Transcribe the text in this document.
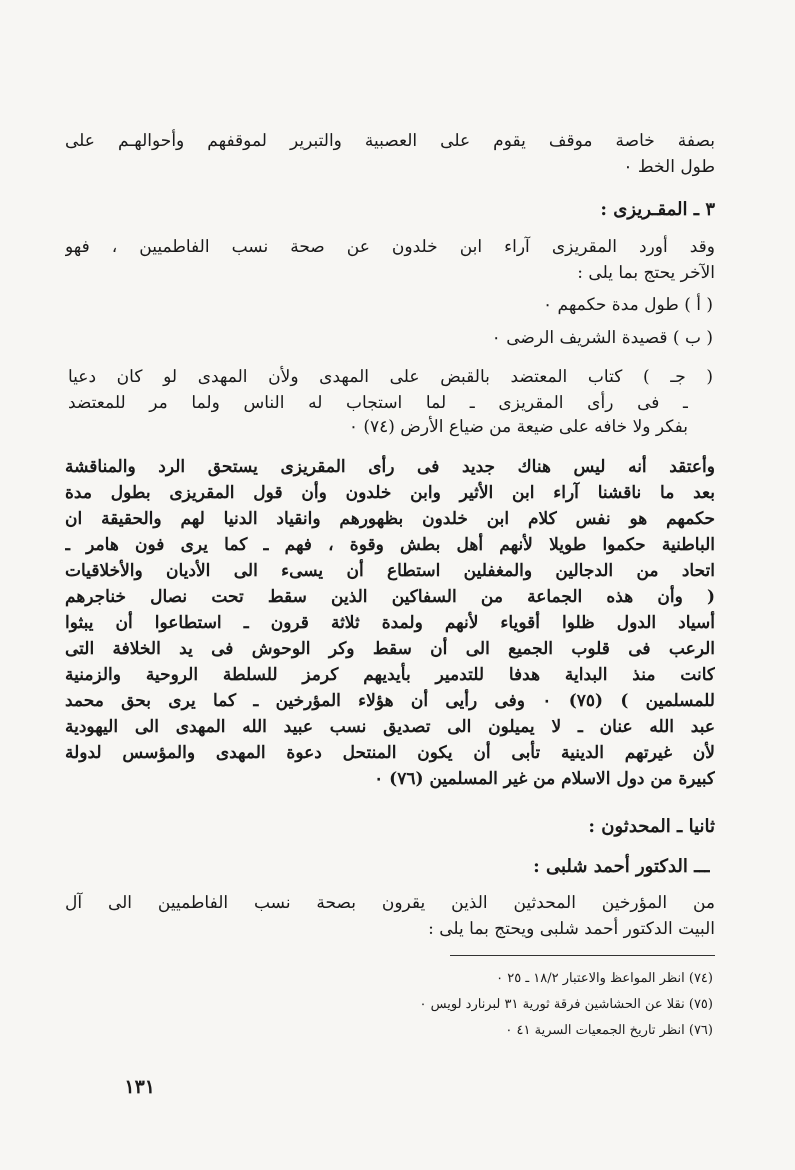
بصفة خاصة موقف يقوم على العصبية والتبرير لموقفهم وأحوالهـم على
طول الخط ٠
٣ ـ المقـريزى :
وقد أورد المقريزى آراء ابن خلدون عن صحة نسب الفاطميين ، فهو
الآخر يحتج بما يلى :
( أ ) طول مدة حكمهم ٠
( ب ) قصيدة الشريف الرضى ٠
( جـ ) كتاب المعتضد بالقبض على المهدى ولأن المهدى لو كان دعيا
ـ فى رأى المقريزى ـ لما استجاب له الناس ولما مر للمعتضد
بفكر ولا خافه على ضيعة من ضياع الأرض (٧٤) ٠
وأعتقد أنه ليس هناك جديد فى رأى المقريزى يستحق الرد والمناقشة
بعد ما ناقشنا آراء ابن الأثير وابن خلدون وأن قول المقريزى بطول مدة
حكمهم هو نفس كلام ابن خلدون بظهورهم وانقياد الدنيا لهم والحقيقة ان
الباطنية حكموا طويلا لأنهم أهل بطش وقوة ، فهم ـ كما يرى فون هامر ـ
اتحاد من الدجالين والمغفلين استطاع أن يسىء الى الأديان والأخلاقيات
( وأن هذه الجماعة من السفاكين الذين سقط تحت نصال خناجرهم
أسياد الدول ظلوا أقوياء لأنهم ولمدة ثلاثة قرون ـ استطاعوا أن يبثوا
الرعب فى قلوب الجميع الى أن سقط وكر الوحوش فى يد الخلافة التى
كانت منذ البداية هدفا للتدمير بأيديهم كرمز للسلطة الروحية والزمنية
للمسلمين ) (٧٥) ٠ وفى رأيى أن هؤلاء المؤرخين ـ كما يرى بحق محمد
عبد الله عنان ـ لا يميلون الى تصديق نسب عبيد الله المهدى الى اليهودية
لأن غيرتهم الدينية تأبى أن يكون المنتحل دعوة المهدى والمؤسس لدولة
كبيرة من دول الاسلام من غير المسلمين (٧٦) ٠
ثانيا ـ المحدثون :
ـــ الدكتور أحمد شلبى :
من المؤرخين المحدثين الذين يقرون بصحة نسب الفاطميين الى آل
البيت الدكتور أحمد شلبى ويحتج بما يلى :
(٧٤) انظر المواعظ والاعتبار ١٨/٢ ـ ٢٥ ٠
(٧٥) نقلا عن الحشاشين فرقة ثورية ٣١ لبرنارد لويس ٠
(٧٦) انظر تاريخ الجمعيات السرية ٤١ ٠
١٣١
